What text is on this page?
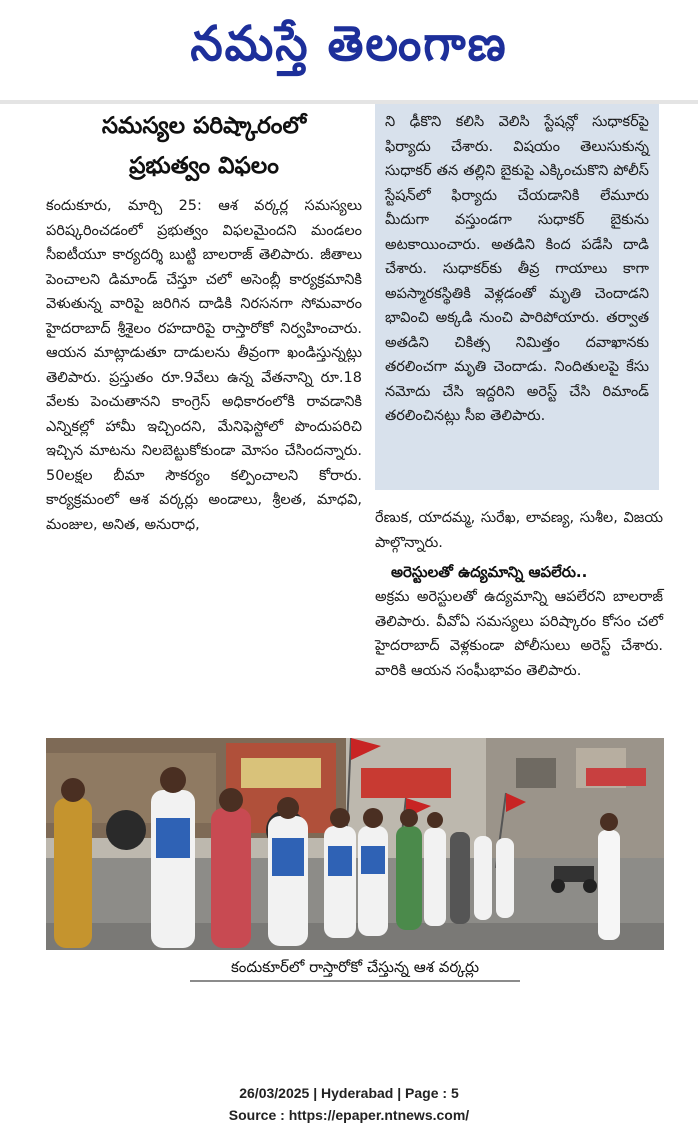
నమస్తే తెలంగాణ
సమస్యల పరిష్కారంలో
ప్రభుత్వం విఫలం

కందుకూరు, మార్చి 25: ఆశ వర్కర్ల సమస్యలు పరిష్కరించడంలో ప్రభుత్వం విఫలమైందని మండలం సీఐటీయూ కార్యదర్శి బుట్టి బాలరాజ్ తెలిపారు. జీతాలు పెంచాలని డిమాండ్ చేస్తూ చలో అసెంబ్లీ కార్యక్రమానికి వెళుతున్న వారిపై జరిగిన దాడికి నిరసనగా సోమవారం హైదరాబాద్ శ్రీశైలం రహదారిపై రాస్తారోకో నిర్వహించారు. ఆయన మాట్లాడుతూ దాడులను తీవ్రంగా ఖండిస్తున్నట్లు తెలిపారు. ప్రస్తుతం రూ.9వేలు ఉన్న వేతనాన్ని రూ.18 వేలకు పెంచుతానని కాంగ్రెస్ అధికారంలోకి రావడానికి ఎన్నికల్లో హామీ ఇచ్చిందని, మేనిఫెస్టోలో పొందుపరిచి ఇచ్చిన మాటను నిలబెట్టుకోకుండా మోసం చేసిందన్నారు. 50లక్షల బీమా సౌకర్యం కల్పించాలని కోరారు. కార్యక్రమంలో ఆశ వర్కర్లు అండాలు, శ్రీలత, మాధవి, మంజుల, అనిత, అనురాధ,

ని ఢీకొని కలిసి వెలిసి స్టేషన్లో సుధాకర్‌పై ఫిర్యాదు చేశారు. విషయం తెలుసుకున్న సుధాకర్ తన తల్లిని బైకుపై ఎక్కించుకొని పోలీస్ స్టేషన్‌లో ఫిర్యాదు చేయడానికి లేమూరు మీదుగా వస్తుండగా సుధాకర్ బైకును అటకాయించారు. అతడిని కింద పడేసి దాడి చేశారు. సుధాకర్‌కు తీవ్ర గాయాలు కాగా అపస్మారకస్థితికి వెళ్లడంతో మృతి చెందాడని భావించి అక్కడి నుంచి పారిపోయారు. తర్వాత అతడిని చికిత్స నిమిత్తం దవాఖానకు తరలించగా మృతి చెందాడు. నిందితులపై కేసు నమోదు చేసి ఇద్దరిని అరెస్ట్ చేసి రిమాండ్ తరలించినట్లు సీఐ తెలిపారు.

రేణుక, యాదమ్మ, సురేఖ, లావణ్య, సుశీల, విజయ పాల్గొన్నారు.

అరెస్టులతో ఉద్యమాన్ని ఆపలేరు..

అక్రమ అరెస్టులతో ఉద్యమాన్ని ఆపలేరని బాలరాజ్ తెలిపారు. వీవోఏ సమస్యలు పరిష్కారం కోసం చలో హైదరాబాద్ వెళ్లకుండా పోలీసులు అరెస్ట్ చేశారు. వారికి ఆయన సంఘీభావం తెలిపారు.

కందుకూర్‌లో రాస్తారోకో చేస్తున్న ఆశ వర్కర్లు
26/03/2025 | Hyderabad | Page : 5
Source : https://epaper.ntnews.com/
